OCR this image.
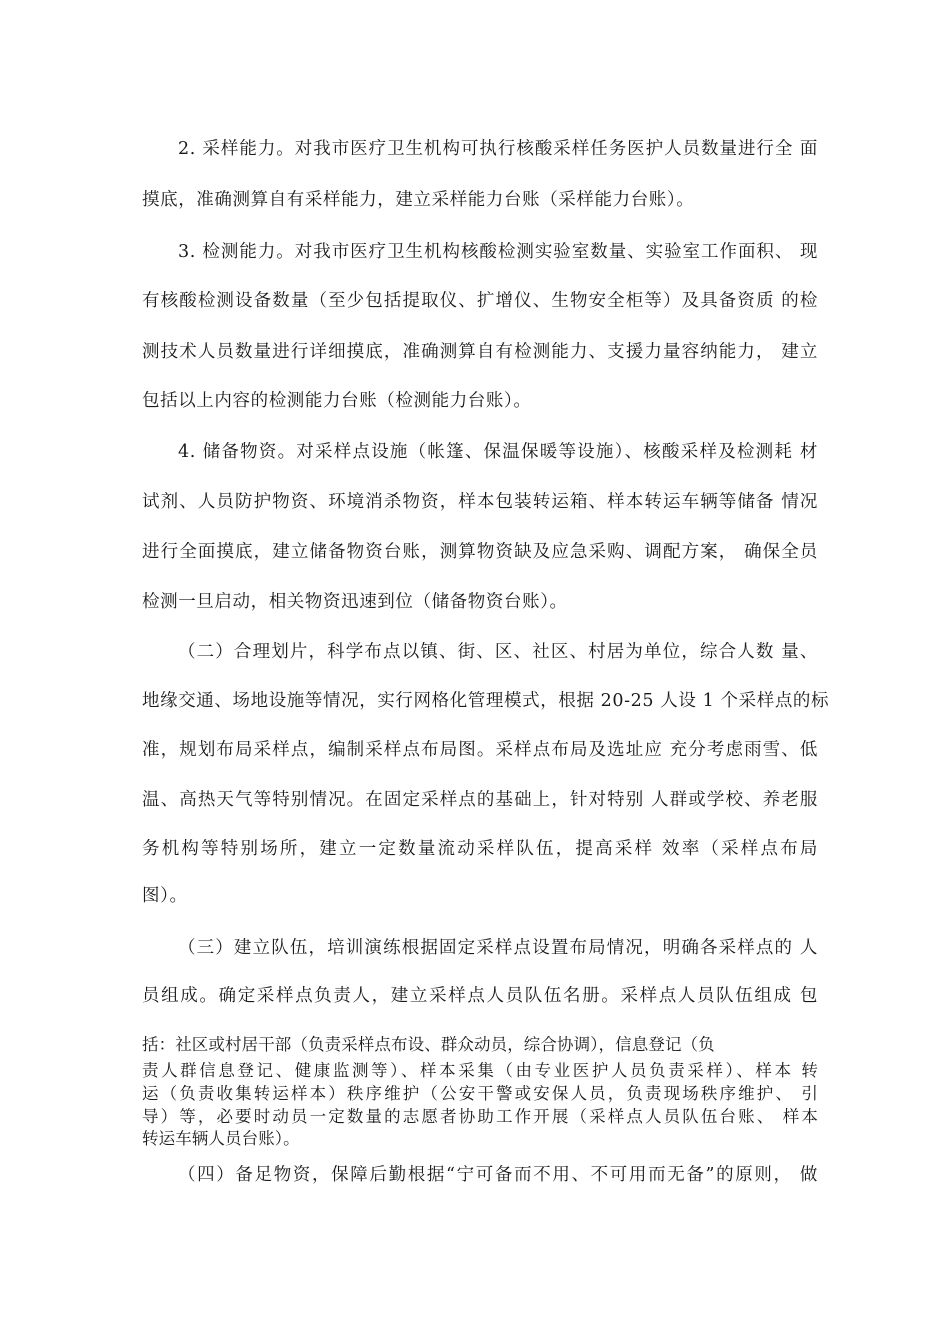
2. 采样能力。对我市医疗卫生机构可执行核酸采样任务医护人员数量进行全 面
摸底，准确测算自有采样能力，建立采样能力台账（采样能力台账）。
3. 检测能力。对我市医疗卫生机构核酸检测实验室数量、实验室工作面积、 现
有核酸检测设备数量（至少包括提取仪、扩增仪、生物安全柜等）及具备资质 的检
测技术人员数量进行详细摸底，准确测算自有检测能力、支援力量容纳能力， 建立
包括以上内容的检测能力台账（检测能力台账）。
4. 储备物资。对采样点设施（帐篷、保温保暖等设施）、核酸采样及检测耗 材
试剂、人员防护物资、环境消杀物资，样本包装转运箱、样本转运车辆等储备 情况
进行全面摸底，建立储备物资台账，测算物资缺及应急采购、调配方案， 确保全员
检测一旦启动，相关物资迅速到位（储备物资台账）。
（二）合理划片，科学布点以镇、街、区、社区、村居为单位，综合人数 量、
地缘交通、场地设施等情况，实行网格化管理模式，根据 20-25 人设 1 个采样点的标
准，规划布局采样点，编制采样点布局图。采样点布局及选址应 充分考虑雨雪、低
温、高热天气等特别情况。在固定采样点的基础上，针对特别 人群或学校、养老服
务机构等特别场所，建立一定数量流动采样队伍，提高采样 效率（采样点布局
图）。
（三）建立队伍，培训演练根据固定采样点设置布局情况，明确各采样点的 人
员组成。确定采样点负责人，建立采样点人员队伍名册。采样点人员队伍组成 包
括：社区或村居干部（负责采样点布设、群众动员，综合协调），信息登记（负
责人群信息登记、健康监测等）、样本采集（由专业医护人员负责采样）、样本 转
运（负责收集转运样本）秩序维护（公安干警或安保人员，负责现场秩序维护、 引
导）等，必要时动员一定数量的志愿者协助工作开展（采样点人员队伍台账、 样本
转运车辆人员台账）。
（四）备足物资，保障后勤根据“宁可备而不用、不可用而无备”的原则， 做
